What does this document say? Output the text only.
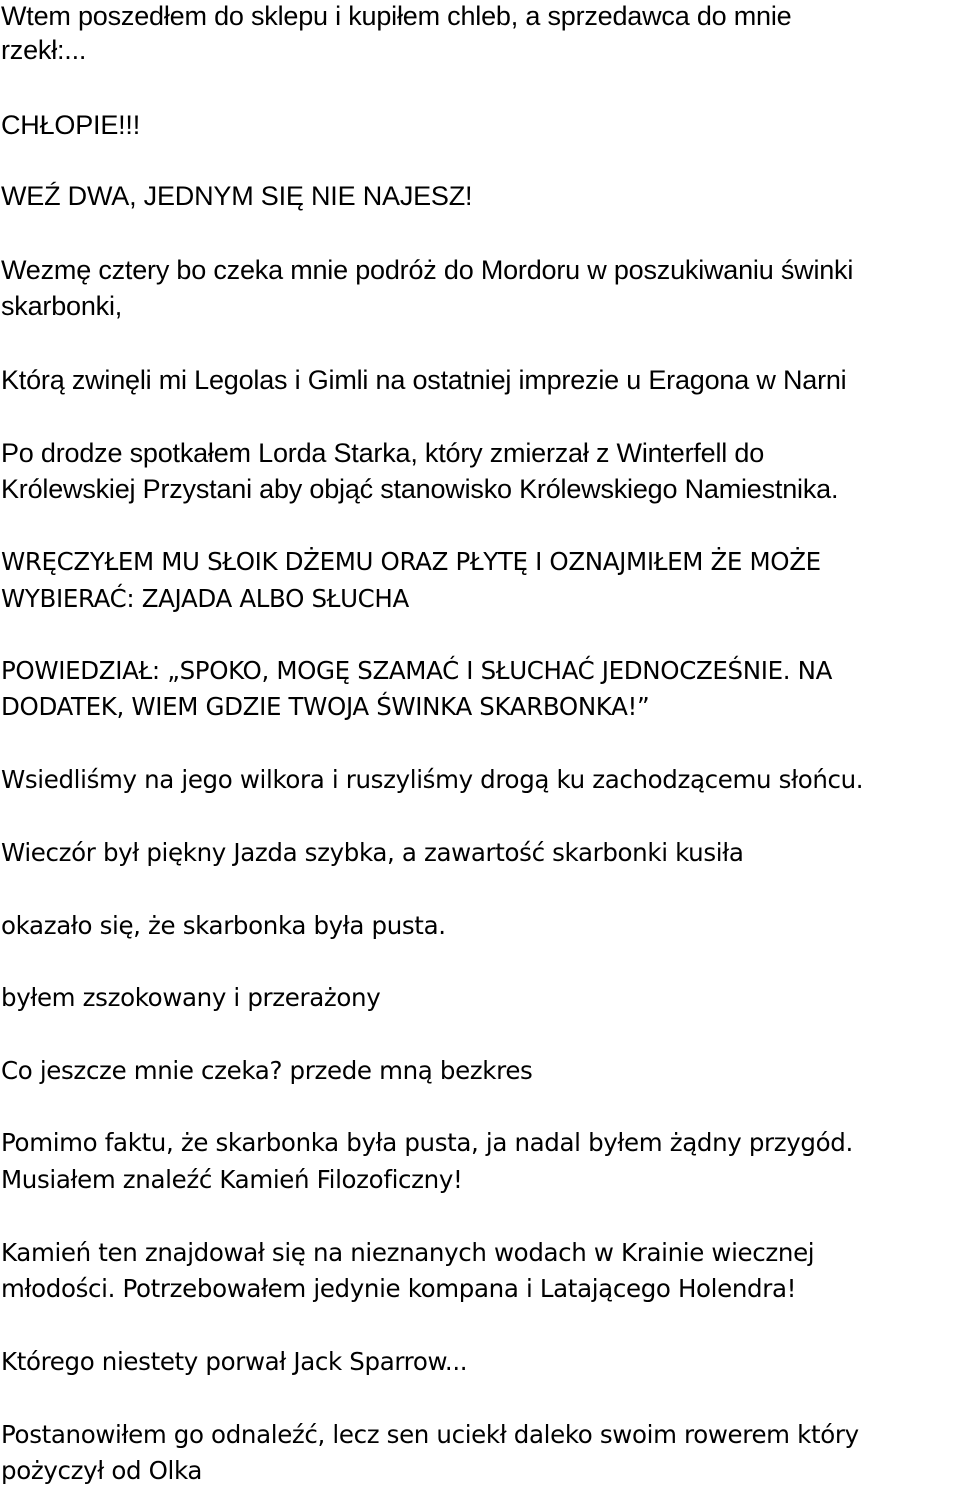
Wtem poszedłem do sklepu i kupiłem chleb, a sprzedawca do mnie

rzekł:...

CHŁOPIE!!!

WEŹ DWA, JEDNYM SIĘ NIE NAJESZ!

Wezmę cztery bo czeka mnie podróż do Mordoru w poszukiwaniu świnki

skarbonki,

Którą zwinęli mi Legolas i Gimli na ostatniej imprezie u Eragona w Narni

Po drodze spotkałem Lorda Starka, który zmierzał z Winterfell do

Królewskiej Przystani aby objąć stanowisko Królewskiego Namiestnika.

WRĘCZYŁEM MU SŁOIK DŻEMU ORAZ PŁYTĘ I OZNAJMIŁEM ŻE MOŻE

WYBIERAĆ: ZAJADA ALBO SŁUCHA

POWIEDZIAŁ: „SPOKO, MOGĘ SZAMAĆ I SŁUCHAĆ JEDNOCZEŚNIE. NA

DODATEK, WIEM GDZIE TWOJA ŚWINKA SKARBONKA!”

Wsiedliśmy na jego wilkora i ruszyliśmy drogą ku zachodzącemu słońcu.

Wieczór był piękny Jazda szybka, a zawartość skarbonki kusiła

okazało się, że skarbonka była pusta.

byłem zszokowany i przerażony

Co jeszcze mnie czeka? przede mną bezkres

Pomimo faktu, że skarbonka była pusta, ja nadal byłem żądny przygód.

Musiałem znaleźć Kamień Filozoficzny!

Kamień ten znajdował się na nieznanych wodach w Krainie wiecznej

młodości. Potrzebowałem jedynie kompana i Latającego Holendra!

Którego niestety porwał Jack Sparrow...

Postanowiłem go odnaleźć, lecz sen uciekł daleko swoim rowerem który

pożyczył od Olka
